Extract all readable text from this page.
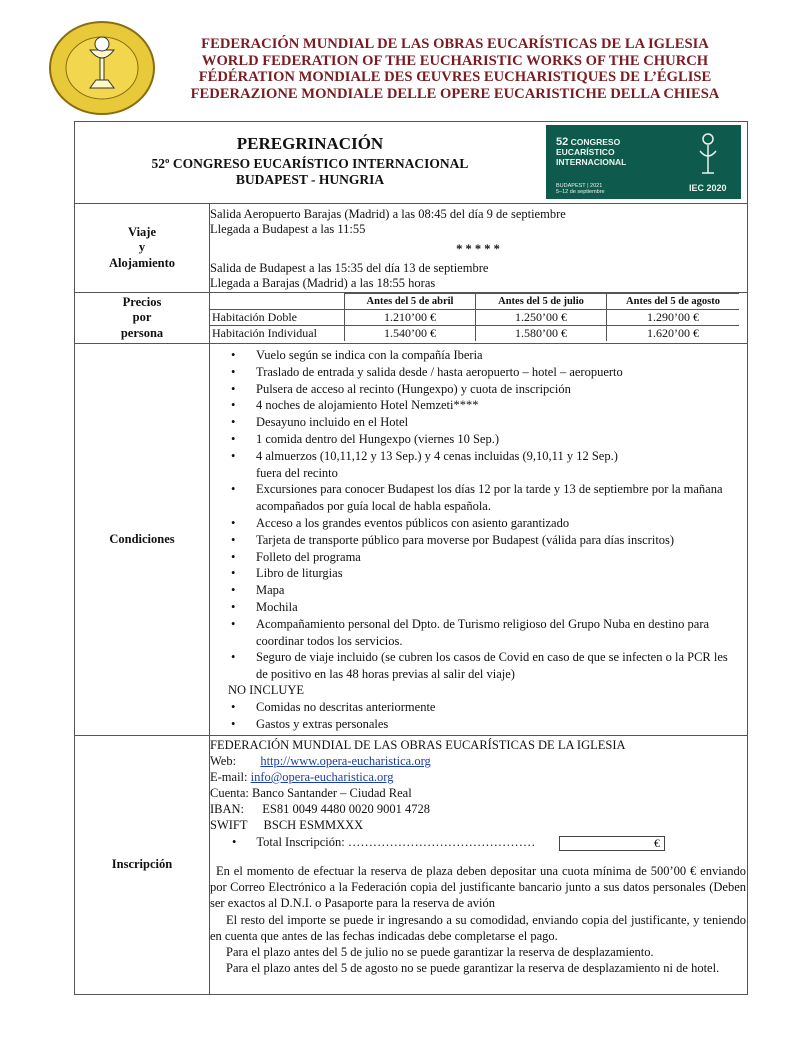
FEDERACIÓN MUNDIAL DE LAS OBRAS EUCARÍSTICAS DE LA IGLESIA
WORLD FEDERATION OF THE EUCHARISTIC WORKS OF THE CHURCH
FÉDÉRATION MONDIALE DES ŒUVRES EUCHARISTIQUES DE L’ÉGLISE
FEDERAZIONE MONDIALE DELLE OPERE EUCARISTICHE DELLA CHIESA
PEREGRINACIÓN
52º CONGRESO EUCARÍSTICO INTERNACIONAL
BUDAPEST - HUNGRIA
52 CONGRESO
EUCARÍSTICO
INTERNACIONAL
BUDAPEST | 2021
5–12 de septiembre	IEC 2020
Viaje
y
Alojamiento
Salida Aeropuerto Barajas (Madrid) a las 08:45 del día 9 de septiembre
Llegada a Budapest a las 11:55
* * * * *
Salida de Budapest a las 15:35 del día 13 de septiembre
Llegada a Barajas (Madrid) a las 18:55 horas
Precios
por
persona
	Antes del 5 de abril	Antes del 5 de julio	Antes del 5 de agosto
Habitación Doble	1.210’00 €	1.250’00 €	1.290’00 €
Habitación Individual	1.540’00 €	1.580’00 €	1.620’00 €
Condiciones
• Vuelo según se indica con la compañía Iberia
• Traslado de entrada y salida desde / hasta aeropuerto – hotel – aeropuerto
• Pulsera de acceso al recinto (Hungexpo) y cuota de inscripción
• 4 noches de alojamiento Hotel Nemzeti****
• Desayuno incluido en el Hotel
• 1 comida dentro del Hungexpo (viernes 10 Sep.)
• 4 almuerzos (10,11,12 y 13 Sep.) y 4 cenas incluidas (9,10,11 y 12 Sep.)
fuera del recinto
• Excursiones para conocer Budapest los días 12 por la tarde y 13 de septiembre por la mañana acompañados por guía local de habla española.
• Acceso a los grandes eventos públicos con asiento garantizado
• Tarjeta de transporte público para moverse por Budapest (válida para días inscritos)
• Folleto del programa
• Libro de liturgias
• Mapa
• Mochila
• Acompañamiento personal del Dpto. de Turismo religioso del Grupo Nuba en destino para coordinar todos los servicios.
• Seguro de viaje incluido (se cubren los casos de Covid en caso de que se infecten o la PCR les de positivo en las 48 horas previas al salir del viaje)
NO INCLUYE
• Comidas no descritas anteriormente
• Gastos y extras personales
Inscripción
FEDERACIÓN MUNDIAL DE LAS OBRAS EUCARÍSTICAS DE LA IGLESIA
Web: http://www.opera-eucharistica.org
E-mail: info@opera-eucharistica.org
Cuenta: Banco Santander – Ciudad Real
IBAN: ES81 0049 4480 0020 9001 4728
SWIFT BSCH ESMMXXX
• Total Inscripción: ………………………………………	€

En el momento de efectuar la reserva de plaza deben depositar una cuota mínima de 500’00 € enviando por Correo Electrónico a la Federación copia del justificante bancario junto a sus datos personales (Deben ser exactos al D.N.I. o Pasaporte para la reserva de avión

El resto del importe se puede ir ingresando a su comodidad, enviando copia del justificante, y teniendo en cuenta que antes de las fechas indicadas debe completarse el pago.

Para el plazo antes del 5 de julio no se puede garantizar la reserva de desplazamiento.

Para el plazo antes del 5 de agosto no se puede garantizar la reserva de desplazamiento ni de hotel.
